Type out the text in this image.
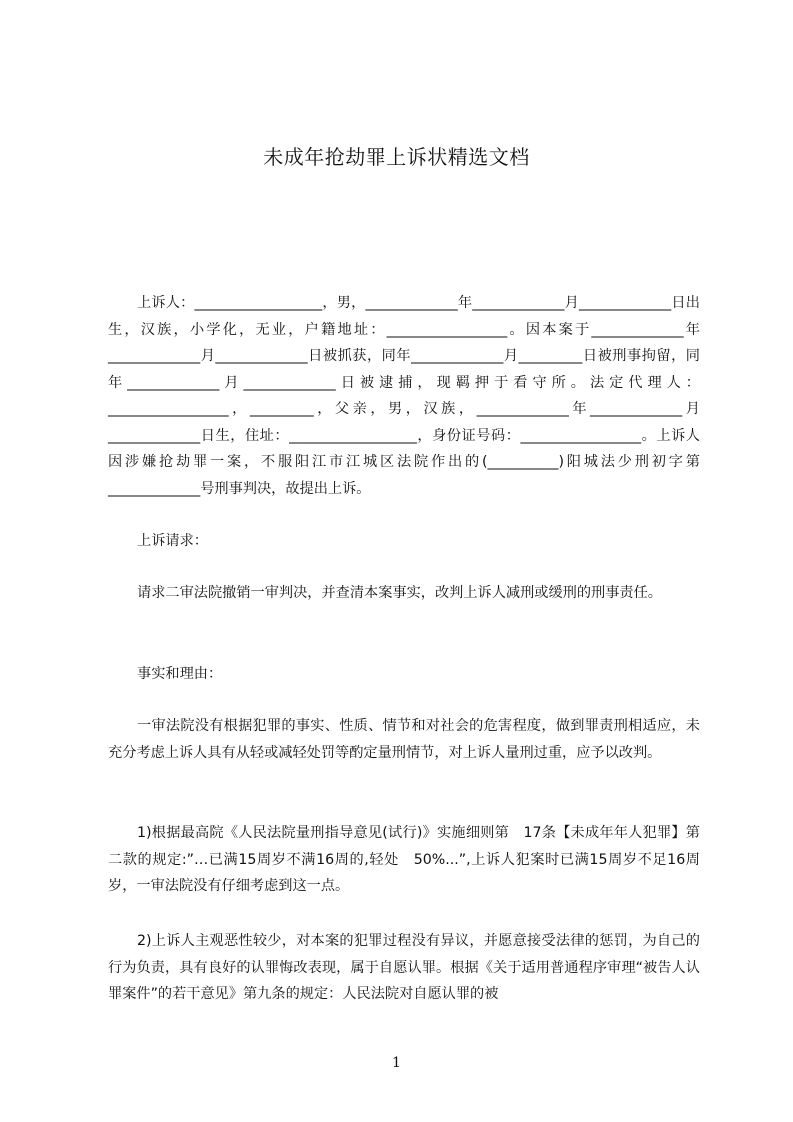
未成年抢劫罪上诉状精选文档

上诉人：__________________，男，_____________年_____________月_____________日出生，汉族，小学化，无业，户籍地址：_________________。因本案于_____________年_____________月_____________日被抓获，同年_____________月_________日被刑事拘留，同年_____________月_____________日被逮捕，现羁押于看守所。法定代理人：_________________，_________，父亲，男，汉族，_____________年_____________月_____________日生，住址：__________________，身份证号码：_________________。上诉人因涉嫌抢劫罪一案，不服阳江市江城区法院作出的(__________)阳城法少刑初字第_____________号刑事判决，故提出上诉。

上诉请求：

请求二审法院撤销一审判决，并查清本案事实，改判上诉人减刑或缓刑的刑事责任。

事实和理由：

一审法院没有根据犯罪的事实、性质、情节和对社会的危害程度，做到罪责刑相适应，未充分考虑上诉人具有从轻或减轻处罚等酌定量刑情节，对上诉人量刑过重，应予以改判。

1)根据最高院《人民法院量刑指导意见(试行)》实施细则第　17条【未成年年人犯罪】第二款的规定:”…已满15周岁不满16周的,轻处　50%...”,上诉人犯案时已满15周岁不足16周岁，一审法院没有仔细考虑到这一点。

2)上诉人主观恶性较少，对本案的犯罪过程没有异议，并愿意接受法律的惩罚，为自己的行为负责，具有良好的认罪悔改表现，属于自愿认罪。根据《关于适用普通程序审理“被告人认罪案件”的若干意见》第九条的规定：人民法院对自愿认罪的被

1
